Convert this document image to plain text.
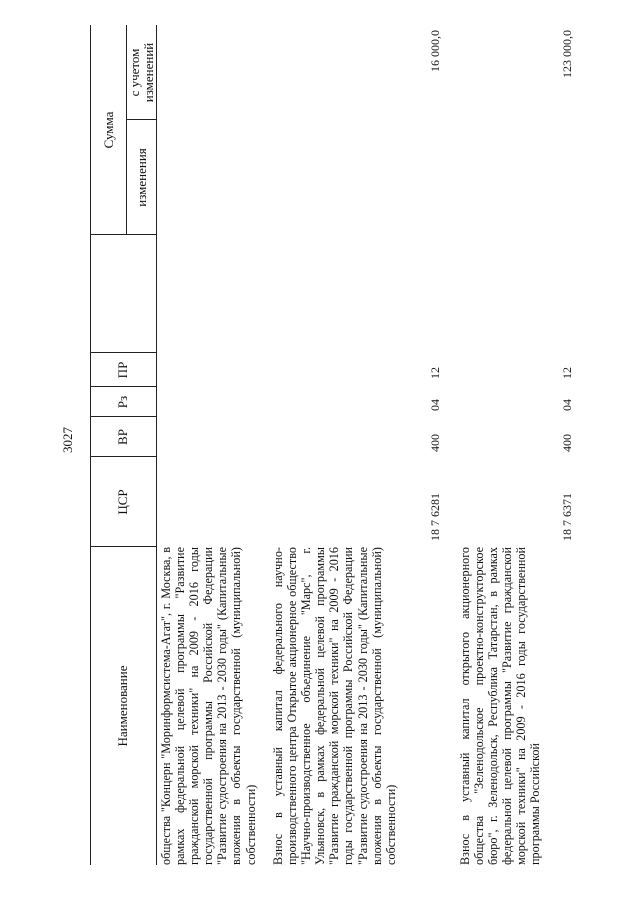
3027
Наименование
ЦСР
ВР
Рз
ПР
Сумма
изменения
с учетом изменений
общества "Концерн "Моринформсистема-Агат", г. Москва, в рамках федеральной целевой программы "Развитие гражданской морской техники" на 2009 - 2016 годы государственной программы Российской Федерации "Развитие судостроения на 2013 - 2030 годы" (Капитальные вложения в объекты государственной (муниципальной) собственности) Взнос в уставный капитал федерального научно-производственного центра Открытое акционерное общество "Научно-производственное объединение "Марс", г. Ульяновск, в рамках федеральной целевой программы "Развитие гражданской морской техники" на 2009 - 2016 годы государственной программы Российской Федерации "Развитие судостроения на 2013 - 2030 годы" (Капитальные вложения в объекты государственной (муниципальной) собственности)
18 7 6281
400
04
12
16 000,0
Взнос в уставный капитал открытого акционерного общества "Зеленодольское проектно-конструкторское бюро", г. Зеленодольск, Республика Татарстан, в рамках федеральной целевой программы "Развитие гражданской морской техники" на 2009 - 2016 годы государственной программы Российской
18 7 6371
400
04
12
123 000,0
